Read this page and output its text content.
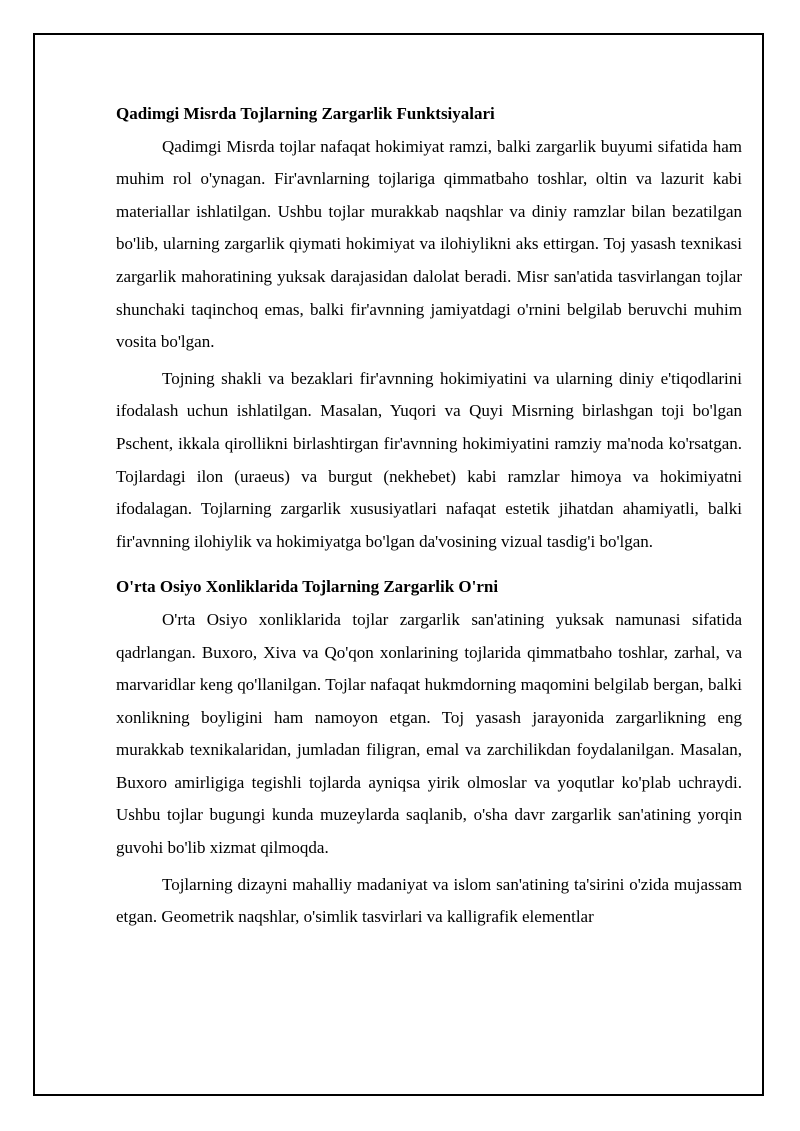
Qadimgi Misrda Tojlarning Zargarlik Funktsiyalari

Qadimgi Misrda tojlar nafaqat hokimiyat ramzi, balki zargarlik buyumi sifatida ham muhim rol o'ynagan. Fir'avnlarning tojlariga qimmatbaho toshlar, oltin va lazurit kabi materiallar ishlatilgan. Ushbu tojlar murakkab naqshlar va diniy ramzlar bilan bezatilgan bo'lib, ularning zargarlik qiymati hokimiyat va ilohiylikni aks ettirgan. Toj yasash texnikasi zargarlik mahoratining yuksak darajasidan dalolat beradi. Misr san'atida tasvirlangan tojlar shunchaki taqinchoq emas, balki fir'avnning jamiyatdagi o'rnini belgilab beruvchi muhim vosita bo'lgan.

Tojning shakli va bezaklari fir'avnning hokimiyatini va ularning diniy e'tiqodlarini ifodalash uchun ishlatilgan. Masalan, Yuqori va Quyi Misrning birlashgan toji bo'lgan Pschent, ikkala qirollikni birlashtirgan fir'avnning hokimiyatini ramziy ma'noda ko'rsatgan. Tojlardagi ilon (uraeus) va burgut (nekhebet) kabi ramzlar himoya va hokimiyatni ifodalagan. Tojlarning zargarlik xususiyatlari nafaqat estetik jihatdan ahamiyatli, balki fir'avnning ilohiylik va hokimiyatga bo'lgan da'vosining vizual tasdig'i bo'lgan.

O'rta Osiyo Xonliklarida Tojlarning Zargarlik O'rni

O'rta Osiyo xonliklarida tojlar zargarlik san'atining yuksak namunasi sifatida qadrlangan. Buxoro, Xiva va Qo'qon xonlarining tojlarida qimmatbaho toshlar, zarhal, va marvaridlar keng qo'llanilgan. Tojlar nafaqat hukmdorning maqomini belgilab bergan, balki xonlikning boyligini ham namoyon etgan. Toj yasash jarayonida zargarlikning eng murakkab texnikalaridan, jumladan filigran, emal va zarchilikdan foydalanilgan. Masalan, Buxoro amirligiga tegishli tojlarda ayniqsa yirik olmoslar va yoqutlar ko'plab uchraydi. Ushbu tojlar bugungi kunda muzeylarda saqlanib, o'sha davr zargarlik san'atining yorqin guvohi bo'lib xizmat qilmoqda.

Tojlarning dizayni mahalliy madaniyat va islom san'atining ta'sirini o'zida mujassam etgan. Geometrik naqshlar, o'simlik tasvirlari va kalligrafik elementlar
